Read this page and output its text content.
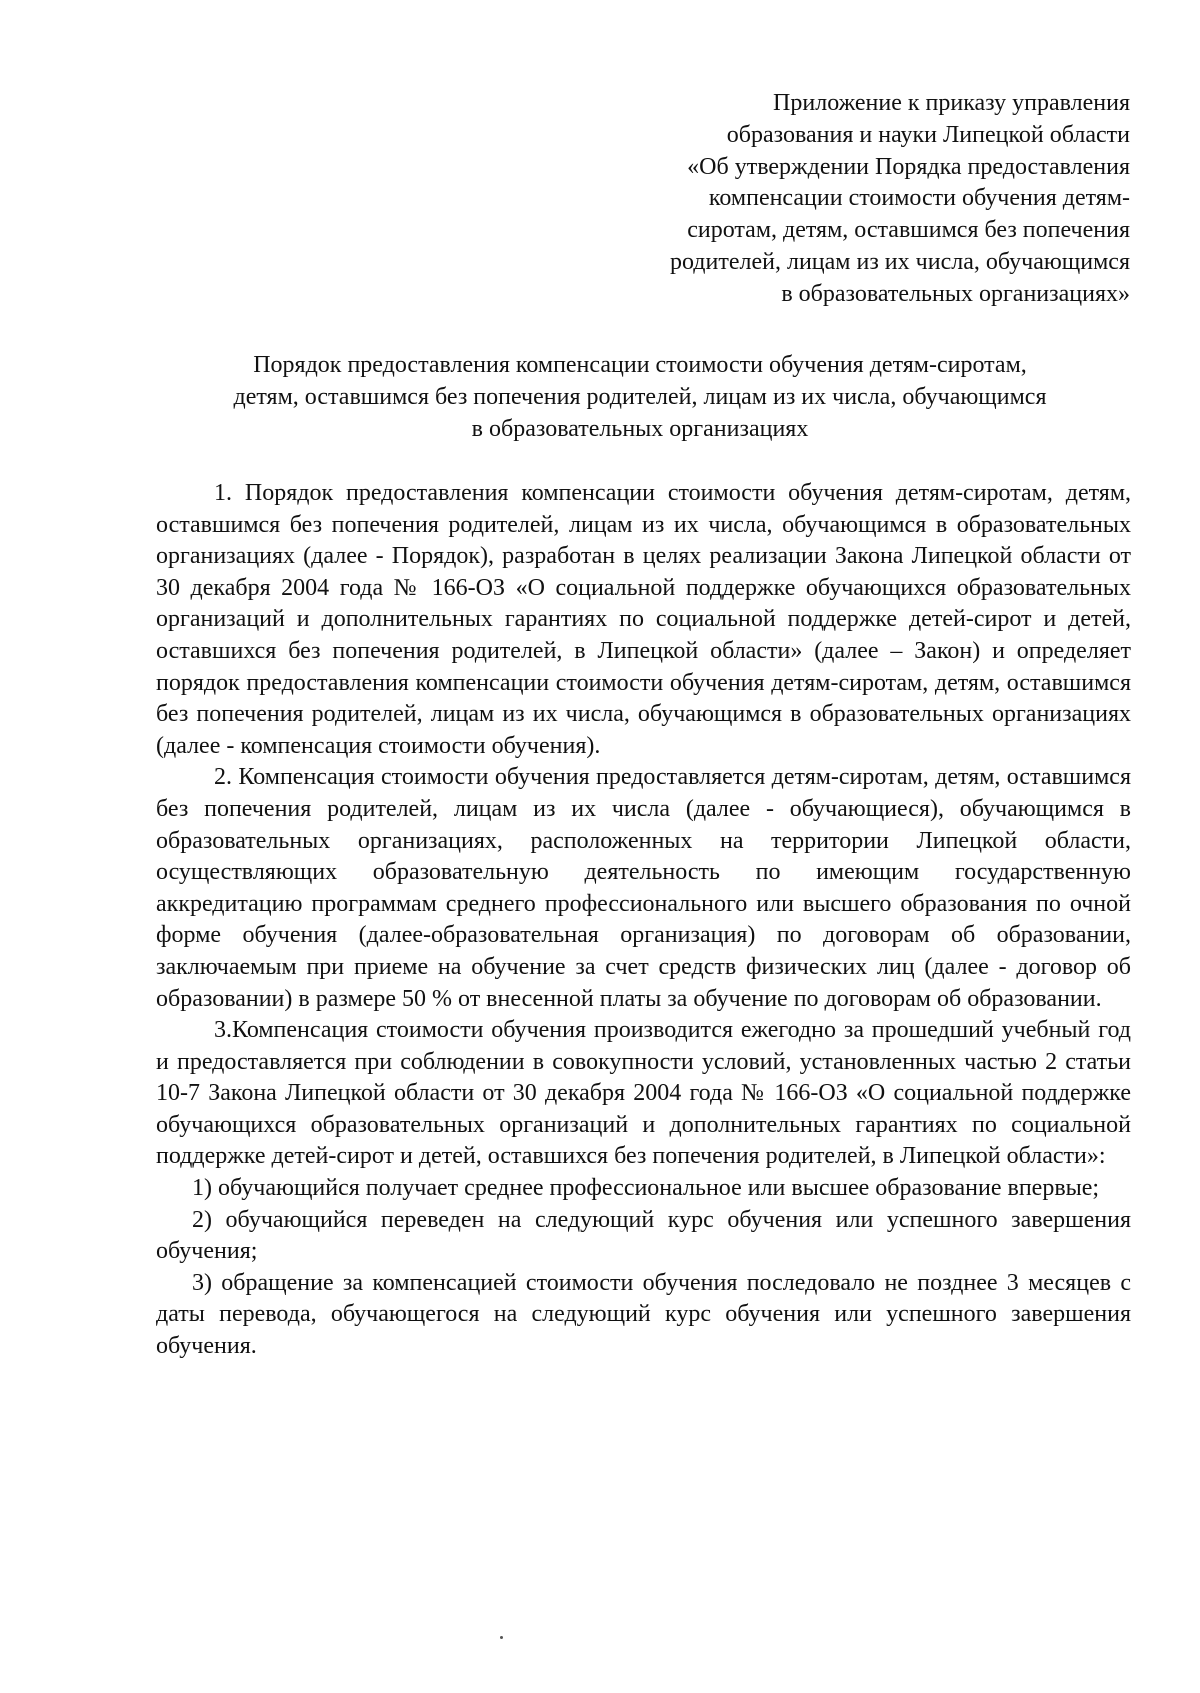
Приложение к приказу управления
образования и науки Липецкой области
«Об утверждении Порядка предоставления
компенсации стоимости обучения детям-
сиротам, детям, оставшимся без попечения
родителей, лицам из их числа, обучающимся
в образовательных организациях»
Порядок предоставления компенсации стоимости обучения детям-сиротам,
детям, оставшимся без попечения родителей, лицам из их числа, обучающимся
в образовательных организациях

1. Порядок предоставления компенсации стоимости обучения детям-сиротам, детям, оставшимся без попечения родителей, лицам из их числа, обучающимся в образовательных организациях (далее - Порядок), разработан в целях реализации Закона Липецкой области от 30 декабря 2004 года № 166-ОЗ «О социальной поддержке обучающихся образовательных организаций и дополнительных гарантиях по социальной поддержке детей-сирот и детей, оставшихся без попечения родителей, в Липецкой области» (далее – Закон) и определяет порядок предоставления компенсации стоимости обучения детям-сиротам, детям, оставшимся без попечения родителей, лицам из их числа, обучающимся в образовательных организациях (далее - компенсация стоимости обучения).

2. Компенсация стоимости обучения предоставляется детям-сиротам, детям, оставшимся без попечения родителей, лицам из их числа (далее - обучающиеся), обучающимся в образовательных организациях, расположенных на территории Липецкой области, осуществляющих образовательную деятельность по имеющим государственную аккредитацию программам среднего профессионального или высшего образования по очной форме обучения (далее-образовательная организация) по договорам об образовании, заключаемым при приеме на обучение за счет средств физических лиц (далее - договор об образовании) в размере 50 % от внесенной платы за обучение по договорам об образовании.

3.Компенсация стоимости обучения производится ежегодно за прошедший учебный год и предоставляется при соблюдении в совокупности условий, установленных частью 2 статьи 10-7 Закона Липецкой области от 30 декабря 2004 года № 166-ОЗ «О социальной поддержке обучающихся образовательных организаций и дополнительных гарантиях по социальной поддержке детей-сирот и детей, оставшихся без попечения родителей, в Липецкой области»:

1) обучающийся получает среднее профессиональное или высшее образование впервые;

2) обучающийся переведен на следующий курс обучения или успешного завершения обучения;

3) обращение за компенсацией стоимости обучения последовало не позднее 3 месяцев с даты перевода, обучающегося на следующий курс обучения или успешного завершения обучения.
